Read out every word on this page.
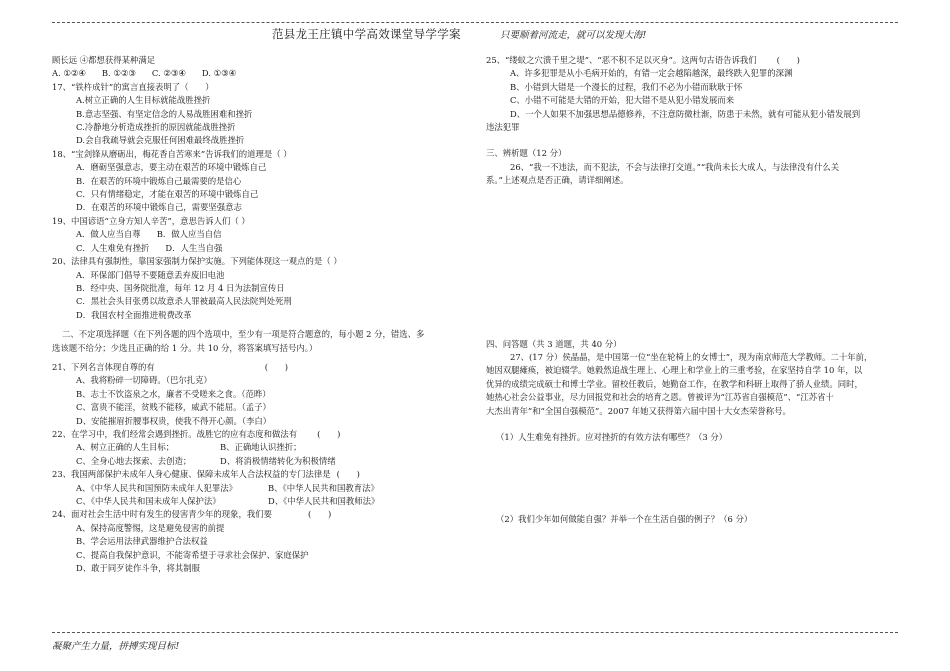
范县龙王庄镇中学高效课堂导学学案	只要顺着河流走，就可以发现大海!
顾长远 ④都想获得某种满足
A. ①②④ B. ①②③ C. ②③④ D. ①③④
17、“铁杵成针”的寓言直接表明了（　　）
A.树立正确的人生目标就能战胜挫折
B.意志坚强、有坚定信念的人易战胜困难和挫折
C.冷静地分析造成挫折的原因就能战胜挫折
D.会自我疏导就会克服任何困难最终战胜挫折
18、“宝剑锋从磨砺出，梅花香自苦寒来”告诉我们的道理是（ ）
A．磨砺坚强意志，要主动在艰苦的环境中锻炼自己
B．在艰苦的环境中锻炼自己最需要的是信心
C．只有情绪稳定，才能在艰苦的环境中锻炼自己
D．在艰苦的环境中锻炼自己，需要坚强意志
19、中国谚语“立身方知人辛苦”，意思告诉人们（ ）
A．做人应当自尊 B．做人应当自信
C．人生难免有挫折 D．人生当自强
20、法律具有强制性，靠国家强制力保护实施。下列能体现这一观点的是（ ）
A．环保部门倡导不要随意丢弃废旧电池
B．经中央、国务院批准，每年 12 月 4 日为法制宣传日
C．黑社会头目张勇以故意杀人罪被最高人民法院判处死刑
D．我国农村全面推进税费改革
二、不定项选择题（在下列各题的四个选项中，至少有一项是符合题意的，每小题 2 分，错选、多
选该题不给分；少选且正确的给 1 分。共 10 分，将答案填写括号内。）
21、下列名言体现自尊的有	(　　)
A、我将粉碎一切障碍。（巴尔扎克）
B、志士不饮盗泉之水，廉者不受嗟来之食。（范晔）
C、富贵不能淫，贫贱不能移，威武不能屈。（孟子）
D、安能摧眉折腰事权贵，使我不得开心颜。（李白）
22、在学习中，我们经常会遇到挫折。战胜它的应有态度和做法有 (　　)
A、树立正确的人生目标；	B、正确地认识挫折；
C、全身心地去探索、去创造；	D、将消极情绪转化为积极情绪
23、我国两部保护未成年人身心健康、保障未成年人合法权益的专门法律是 (　　)
A、《中华人民共和国预防未成年人犯罪法》	B、《中华人民共和国教育法》
C、《中华人民共和国未成年人保护法》	D、《中华人民共和国教师法》
24、面对社会生活中时有发生的侵害青少年的现象，我们要	(　　)
A、保持高度警惕，这是避免侵害的前提
B、学会运用法律武器维护合法权益
C、提高自我保护意识，不能寄希望于寻求社会保护、家庭保护
D、敢于同歹徒作斗争，将其制服
25、“缕蚁之穴溃千里之堤”、“恶不积不足以灭身”。这两句古语告诉我们 (　　)
A、许多犯罪是从小毛病开始的，有错一定会越陷越深，最终跌入犯罪的深渊
B、小错到大错是一个漫长的过程，我们不必为小错而耿耿于怀
C、小错不可能是大错的开始，犯大错不是从犯小错发展而来
D、一个人如果不加强思想品德修养，不注意防微杜渐，防患于未然，就有可能从犯小错发展到
违法犯罪
三、辨析题（12 分）
26、“我一不违法，而不犯法，不会与法律打交道。”“我尚未长大成人，与法律没有什么关
系。”上述观点是否正确，请详细阐述。
四、问答题（共 3 道题，共 40 分）
27、(17 分）侯晶晶，是中国第一位“坐在轮椅上的女博士”，现为南京师范大学教师。二十年前，
她因双腿瘫痪，被迫辍学。她毅然追战生理上、心理上和学业上的三重考验，在家坚持自学 10 年，以
优异的成绩完成硕士和博士学业。留校任教后，她勤奋工作，在教学和科研上取得了骄人业绩。同时，
她热心社会公益事业，尽力回报党和社会的培育之恩。曾被评为“江苏省自强模范”、“江苏省十
大杰出青年”和“全国自强模范”。2007 年她又获得第六届中国十大女杰荣誉称号。
（1）人生难免有挫折。应对挫折的有效方法有哪些？（3 分）
（2）我们少年如何做能自强？并举一个在生活自强的例子？（6 分）
凝聚产生力量，拼搏实现目标!
